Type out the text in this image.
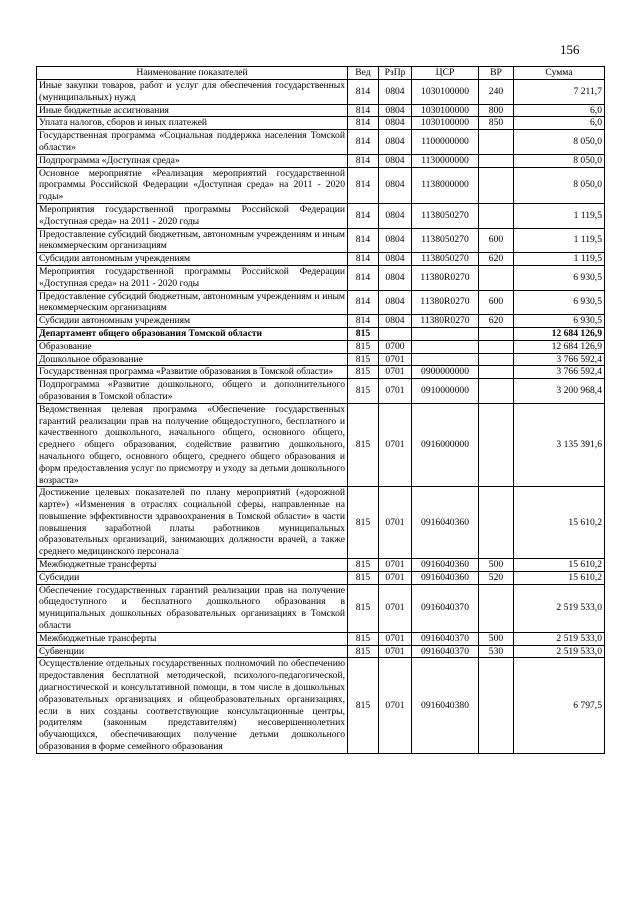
156
Наименование показателей	Вед	РзПр	ЦСР	ВР	Сумма
Иные закупки товаров, работ и услуг для обеспечения государственных (муниципальных) нужд	814	0804	1030100000	240	7 211,7
Иные бюджетные ассигнования	814	0804	1030100000	800	6,0
Уплата налогов, сборов и иных платежей	814	0804	1030100000	850	6,0
Государственная программа «Социальная поддержка населения Томской области»	814	0804	1100000000		8 050,0
Подпрограмма «Доступная среда»	814	0804	1130000000		8 050,0
Основное мероприятие «Реализация мероприятий государственной программы Российской Федерации «Доступная среда» на 2011 - 2020 годы»	814	0804	1138000000		8 050,0
Мероприятия государственной программы Российской Федерации «Доступная среда» на 2011 - 2020 годы	814	0804	1138050270		1 119,5
Предоставление субсидий бюджетным, автономным учреждениям и иным некоммерческим организациям	814	0804	1138050270	600	1 119,5
Субсидии автономным учреждениям	814	0804	1138050270	620	1 119,5
Мероприятия государственной программы Российской Федерации «Доступная среда» на 2011 - 2020 годы	814	0804	11380R0270		6 930,5
Предоставление субсидий бюджетным, автономным учреждениям и иным некоммерческим организациям	814	0804	11380R0270	600	6 930,5
Субсидии автономным учреждениям	814	0804	11380R0270	620	6 930,5
Департамент общего образования Томской области	815				12 684 126,9
Образование	815	0700			12 684 126,9
Дошкольное образование	815	0701			3 766 592,4
Государственная программа «Развитие образования в Томской области»	815	0701	0900000000		3 766 592,4
Подпрограмма «Развитие дошкольного, общего и дополнительного образования в Томской области»	815	0701	0910000000		3 200 968,4
Ведомственная целевая программа «Обеспечение государственных гарантий реализации прав на получение общедоступного, бесплатного и качественного дошкольного, начального общего, основного общего, среднего общего образования, содействие развитию дошкольного, начального общего, основного общего, среднего общего образования и форм предоставления услуг по присмотру и уходу за детьми дошкольного возраста»	815	0701	0916000000		3 135 391,6
Достижение целевых показателей по плану мероприятий («дорожной карте») «Изменения в отраслях социальной сферы, направленные на повышение эффективности здравоохранения в Томской области» в части повышения заработной платы работников муниципальных образовательных организаций, занимающих должности врачей, а также среднего медицинского персонала	815	0701	0916040360		15 610,2
Межбюджетные трансферты	815	0701	0916040360	500	15 610,2
Субсидии	815	0701	0916040360	520	15 610,2
Обеспечение государственных гарантий реализации прав на получение общедоступного и бесплатного дошкольного образования в муниципальных дошкольных образовательных организациях в Томской области	815	0701	0916040370		2 519 533,0
Межбюджетные трансферты	815	0701	0916040370	500	2 519 533,0
Субвенции	815	0701	0916040370	530	2 519 533,0
Осуществление отдельных государственных полномочий по обеспечению предоставления бесплатной методической, психолого-педагогической, диагностической и консультативной помощи, в том числе в дошкольных образовательных организациях и общеобразовательных организациях, если в них созданы соответствующие консультационные центры, родителям (законным представителям) несовершеннолетних обучающихся, обеспечивающих получение детьми дошкольного образования в форме семейного образования	815	0701	0916040380		6 797,5
